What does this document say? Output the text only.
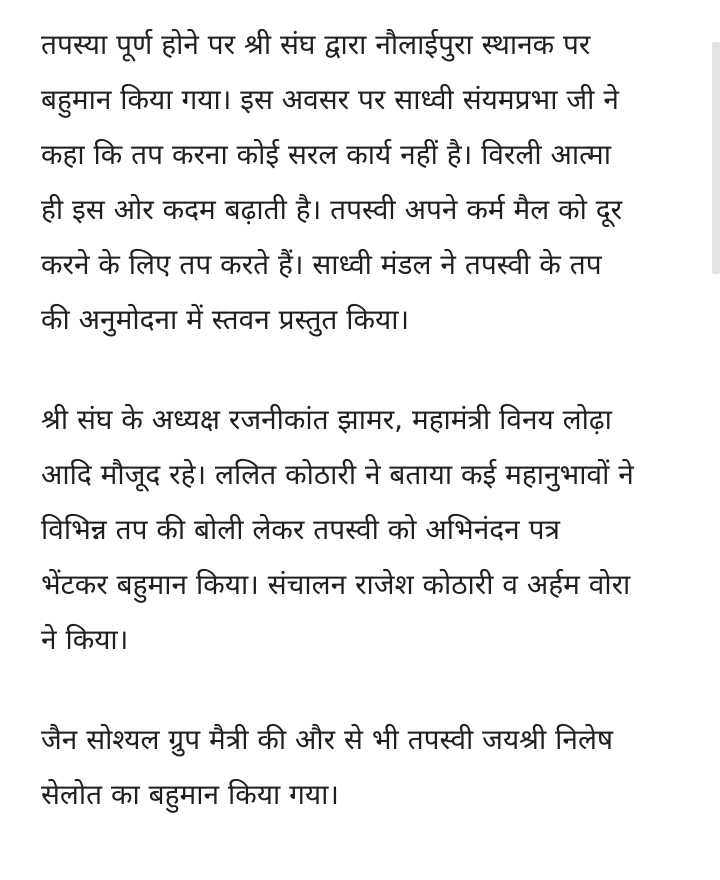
तपस्या पूर्ण होने पर श्री संघ द्वारा नौलाईपुरा स्थानक पर
बहुमान किया गया। इस अवसर पर साध्वी संयमप्रभा जी ने
कहा कि तप करना कोई सरल कार्य नहीं है। विरली आत्मा
ही इस ओर कदम बढ़ाती है। तपस्वी अपने कर्म मैल को दूर
करने के लिए तप करते हैं। साध्वी मंडल ने तपस्वी के तप
की अनुमोदना में स्तवन प्रस्तुत किया।

श्री संघ के अध्यक्ष रजनीकांत झामर, महामंत्री विनय लोढ़ा
आदि मौजूद रहे। ललित कोठारी ने बताया कई महानुभावों ने
विभिन्न तप की बोली लेकर तपस्वी को अभिनंदन पत्र
भेंटकर बहुमान किया। संचालन राजेश कोठारी व अर्हम वोरा
ने किया।

जैन सोश्यल ग्रुप मैत्री की और से भी तपस्वी जयश्री निलेष
सेलोत का बहुमान किया गया।
